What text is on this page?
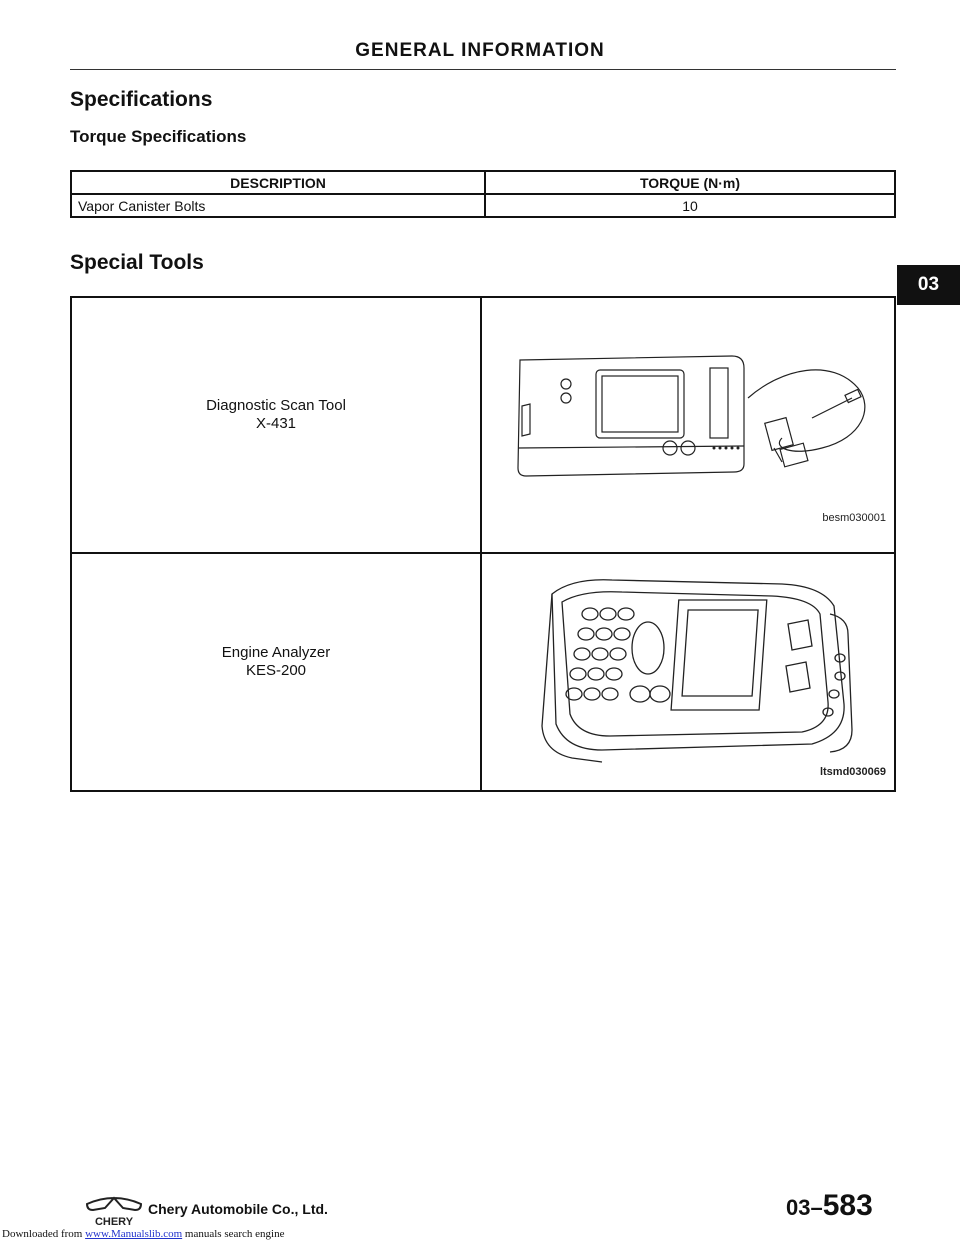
GENERAL INFORMATION
Specifications
Torque Specifications
DESCRIPTION	TORQUE (N·m)
Vapor Canister Bolts	10
Special Tools
Diagnostic Scan Tool
X-431	besm030001

Engine Analyzer
KES-200	ltsmd030069
03
CHERY
Chery Automobile Co., Ltd.	03–583
Downloaded from www.Manualslib.com manuals search engine
